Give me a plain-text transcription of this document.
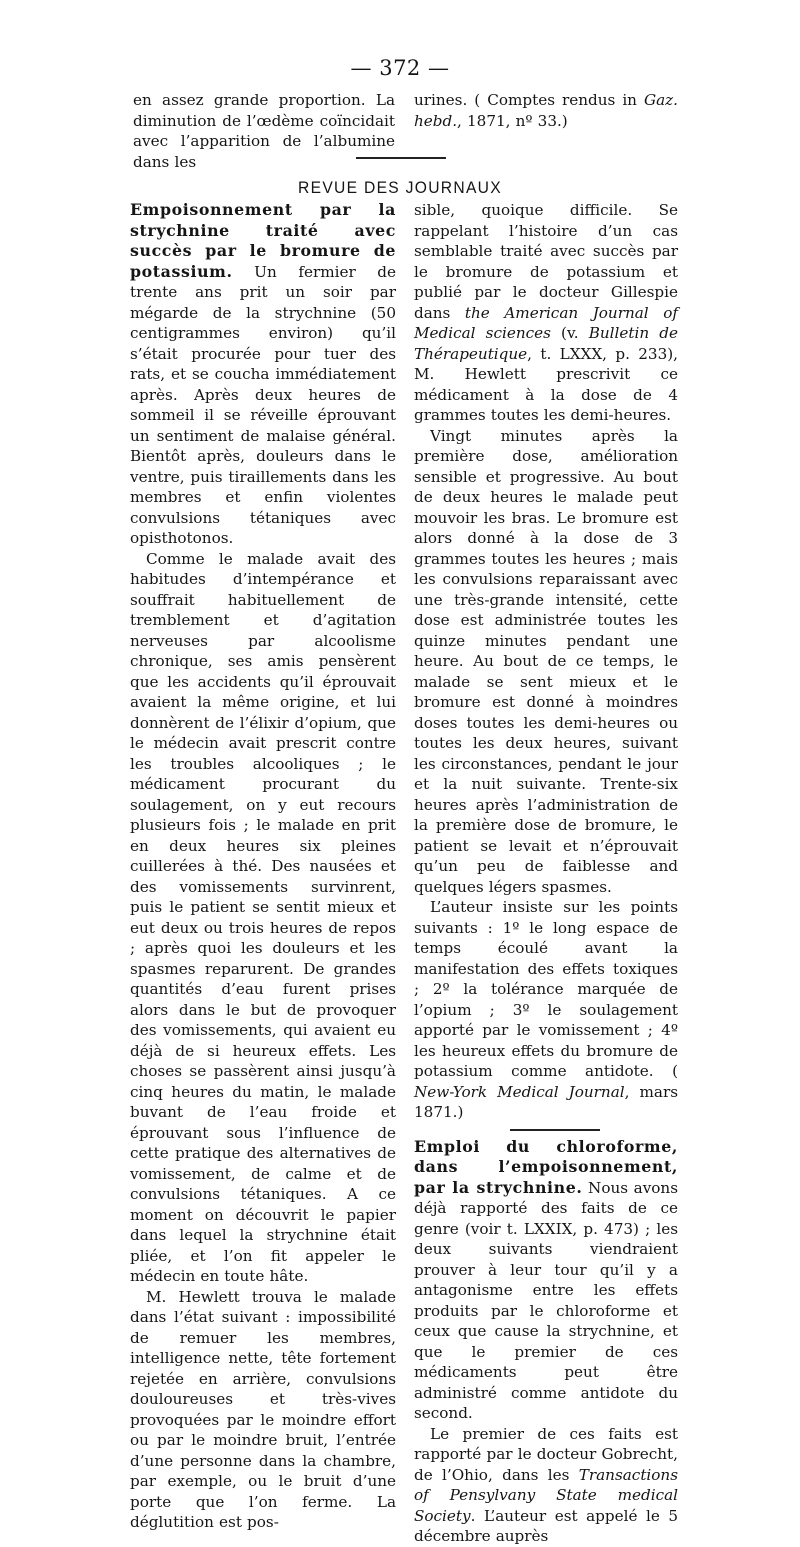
— 372 —

en assez grande proportion. La diminution de l’œdème coïncidait avec l’apparition de l’albumine dans les

urines. ( Comptes rendus in Gaz. hebd., 1871, nº 33.)

REVUE DES JOURNAUX

Empoisonnement par la strychnine traité avec succès par le bromure de potassium. Un fermier de trente ans prit un soir par mégarde de la strychnine (50 centigrammes environ) qu’il s’était procurée pour tuer des rats, et se coucha immédiatement après. Après deux heures de sommeil il se réveille éprouvant un sentiment de malaise général. Bientôt après, douleurs dans le ventre, puis tiraillements dans les membres et enfin violentes convulsions tétaniques avec opisthotonos.

Comme le malade avait des habitudes d’intempérance et souffrait habituellement de tremblement et d’agitation nerveuses par alcoolisme chronique, ses amis pensèrent que les accidents qu’il éprouvait avaient la même origine, et lui donnèrent de l’élixir d’opium, que le médecin avait prescrit contre les troubles alcooliques ; le médicament procurant du soulagement, on y eut recours plusieurs fois ; le malade en prit en deux heures six pleines cuillerées à thé. Des nausées et des vomissements survinrent, puis le patient se sentit mieux et eut deux ou trois heures de repos ; après quoi les douleurs et les spasmes reparurent. De grandes quantités d’eau furent prises alors dans le but de provoquer des vomissements, qui avaient eu déjà de si heureux effets. Les choses se passèrent ainsi jusqu’à cinq heures du matin, le malade buvant de l’eau froide et éprouvant sous l’influence de cette pratique des alternatives de vomissement, de calme et de convulsions tétaniques. A ce moment on découvrit le papier dans lequel la strychnine était pliée, et l’on fit appeler le médecin en toute hâte.

M. Hewlett trouva le malade dans l’état suivant : impossibilité de remuer les membres, intelligence nette, tête fortement rejetée en arrière, convulsions douloureuses et très-vives provoquées par le moindre effort ou par le moindre bruit, l’entrée d’une personne dans la chambre, par exemple, ou le bruit d’une porte que l’on ferme. La déglutition est pos-

sible, quoique difficile. Se rappelant l’histoire d’un cas semblable traité avec succès par le bromure de potassium et publié par le docteur Gillespie dans the American Journal of Medical sciences (v. Bulletin de Thérapeutique, t. LXXX, p. 233), M. Hewlett prescrivit ce médicament à la dose de 4 grammes toutes les demi-heures.

Vingt minutes après la première dose, amélioration sensible et progressive. Au bout de deux heures le malade peut mouvoir les bras. Le bromure est alors donné à la dose de 3 grammes toutes les heures ; mais les convulsions reparaissant avec une très-grande intensité, cette dose est administrée toutes les quinze minutes pendant une heure. Au bout de ce temps, le malade se sent mieux et le bromure est donné à moindres doses toutes les demi-heures ou toutes les deux heures, suivant les circonstances, pendant le jour et la nuit suivante. Trente-six heures après l’administration de la première dose de bromure, le patient se levait et n’éprouvait qu’un peu de faiblesse and quelques légers spasmes.

L’auteur insiste sur les points suivants : 1º le long espace de temps écoulé avant la manifestation des effets toxiques ; 2º la tolérance marquée de l’opium ; 3º le soulagement apporté par le vomissement ; 4º les heureux effets du bromure de potassium comme antidote. ( New-York Medical Journal, mars 1871.)

Emploi du chloroforme, dans l’empoisonnement, par la strychnine. Nous avons déjà rapporté des faits de ce genre (voir t. LXXIX, p. 473) ; les deux suivants viendraient prouver à leur tour qu’il y a antagonisme entre les effets produits par le chloroforme et ceux que cause la strychnine, et que le premier de ces médicaments peut être administré comme antidote du second.

Le premier de ces faits est rapporté par le docteur Gobrecht, de l’Ohio, dans les Transactions of Pensylvany State medical Society. L’auteur est appelé le 5 décembre auprès
